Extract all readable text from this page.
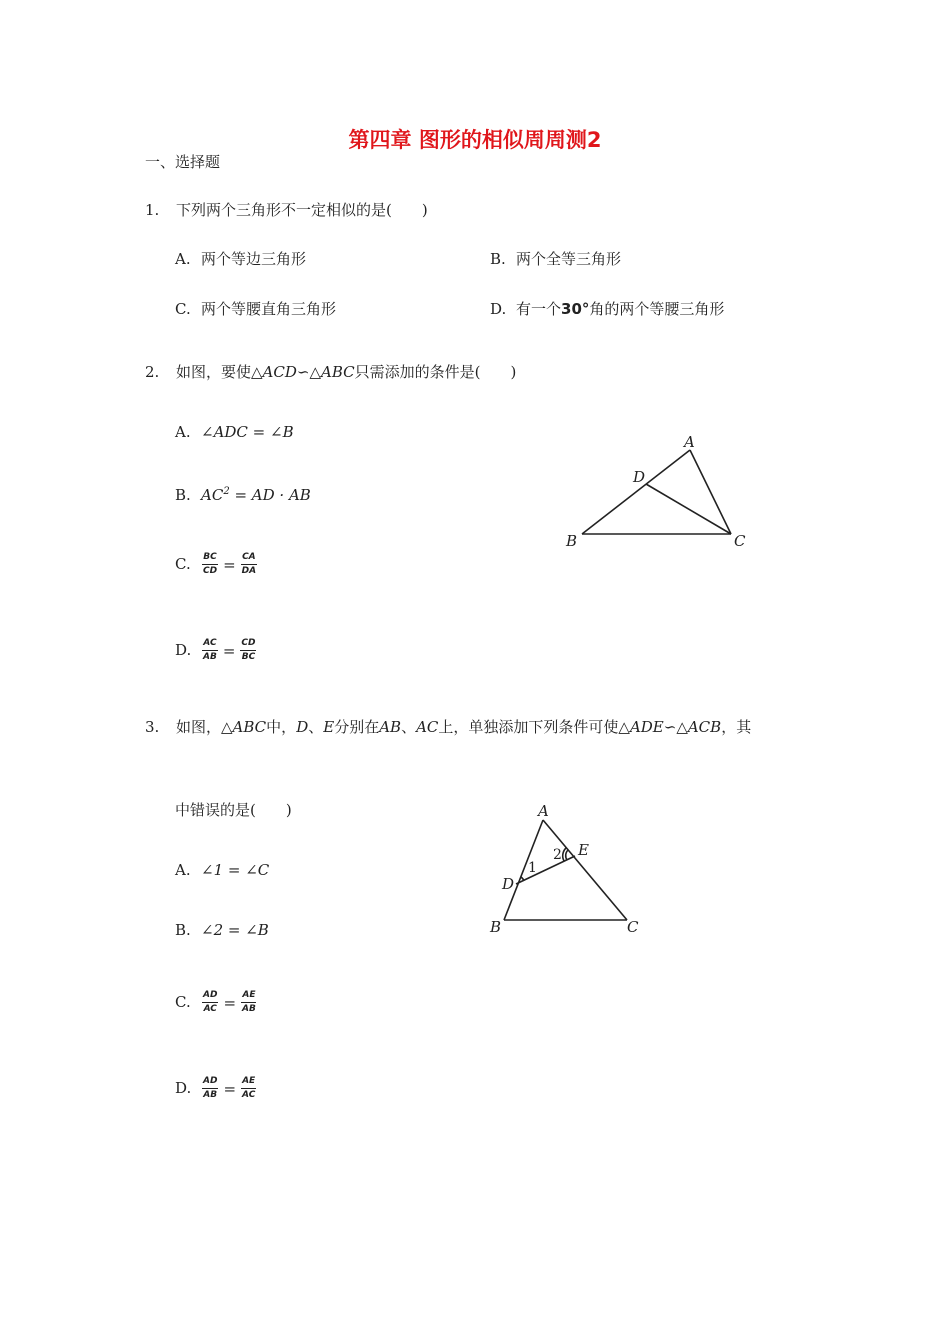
第四章 图形的相似周周测2
一、选择题
1. 下列两个三角形不一定相似的是(　　)
A. 两个等边三角形	B. 两个全等三角形
C. 两个等腰直角三角形	D. 有一个30°角的两个等腰三角形
2. 如图，要使△ACD∽△ABC只需添加的条件是(　　)
A. ∠ADC = ∠B
B. $AC^2$ = AD · AB
C. $\frac{BC}{CD} = \frac{CA}{DA}$
D. $\frac{AC}{AB} = \frac{CD}{BC}$
A
D
B	C
3. 如图，△ABC中，D、E分别在AB、AC上，单独添加下列条件可使△ADE∽△ACB，其
中错误的是(　　)
A. ∠1 = ∠C
B. ∠2 = ∠B
C. $\frac{AD}{AC} = \frac{AE}{AB}$
D. $\frac{AD}{AB} = \frac{AE}{AC}$
A
E
D
B	C
1
2
